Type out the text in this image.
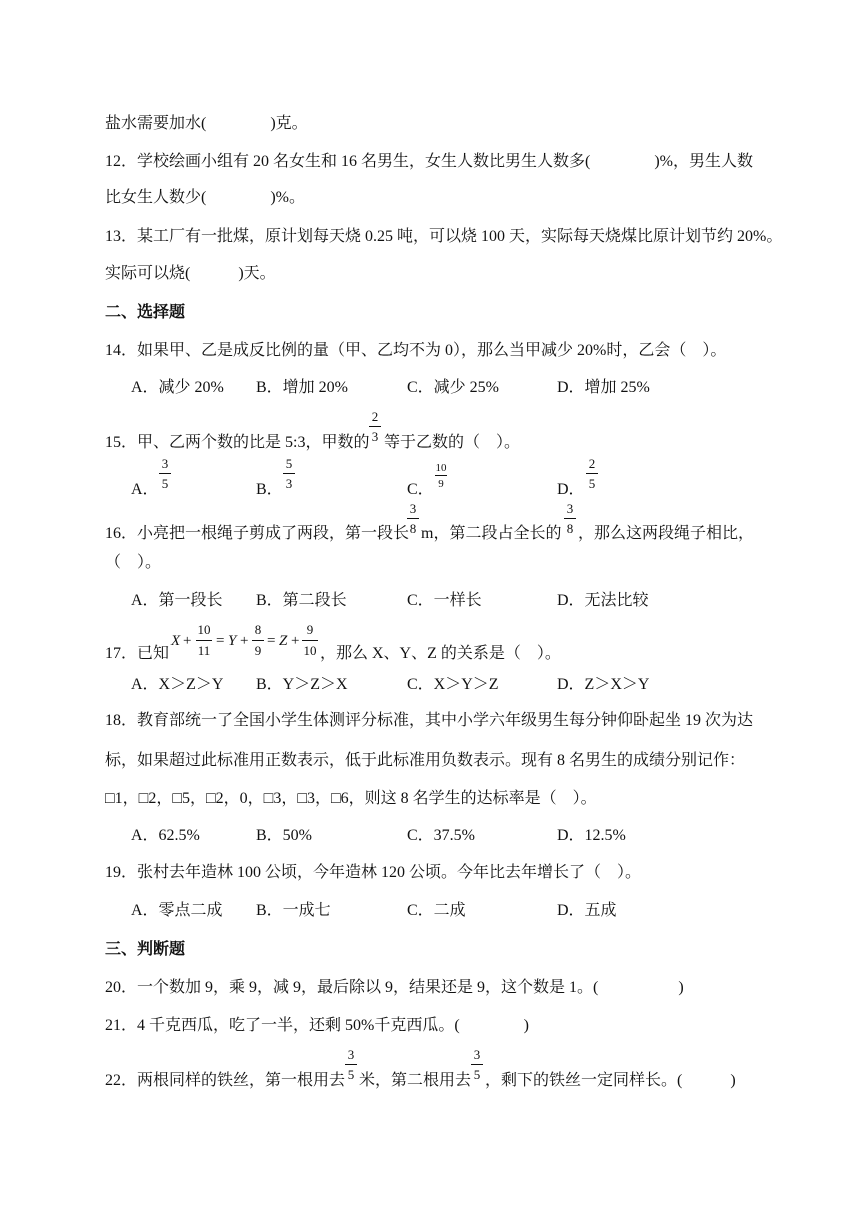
盐水需要加水(　　　　)克。
12．学校绘画小组有 20 名女生和 16 名男生，女生人数比男生人数多(　　　　)%，男生人数
比女生人数少(　　　　)%。
13．某工厂有一批煤，原计划每天烧 0.25 吨，可以烧 100 天，实际每天烧煤比原计划节约 20%。
实际可以烧(　　　)天。
二、选择题
14．如果甲、乙是成反比例的量（甲、乙均不为 0），那么当甲减少 20%时，乙会（　）。
A．减少 20% B．增加 20%	C．减少 25%	D．增加 25%
15．甲、乙两个数的比是 5:3，甲数的
2
3 等于乙数的（　）。
A．
3
5	B．
5
3	C．
10
9	D．
2
5
16．小亮把一根绳子剪成了两段，第一段长
3
8 m，第二段占全长的
3
8 ，那么这两段绳子相比，
（　）。
A．第一段长 B．第二段长	C．一样长	D．无法比较
17．已知
X +
10
11
= Y +
8
9
= Z +
9
10 ，那么 X、Y、Z 的关系是（　）。
A．X＞Z＞Y B．Y＞Z＞X	C．X＞Y＞Z	D．Z＞X＞Y
18．教育部统一了全国小学生体测评分标准，其中小学六年级男生每分钟仰卧起坐 19 次为达
标，如果超过此标准用正数表示，低于此标准用负数表示。现有 8 名男生的成绩分别记作：
□1，□2，□5，□2，0，□3，□3，□6，则这 8 名学生的达标率是（　）。
A．62.5%	B．50%	C．37.5%	D．12.5%
19．张村去年造林 100 公顷，今年造林 120 公顷。今年比去年增长了（　）。
A．零点二成 B．一成七	C．二成	D．五成
三、判断题
20．一个数加 9，乘 9，减 9，最后除以 9，结果还是 9，这个数是 1。(　　　　　)
21．4 千克西瓜，吃了一半，还剩 50%千克西瓜。(　　　　)
22．两根同样的铁丝，第一根用去
3
5 米，第二根用去
3
5 ，剩下的铁丝一定同样长。(　　　)
